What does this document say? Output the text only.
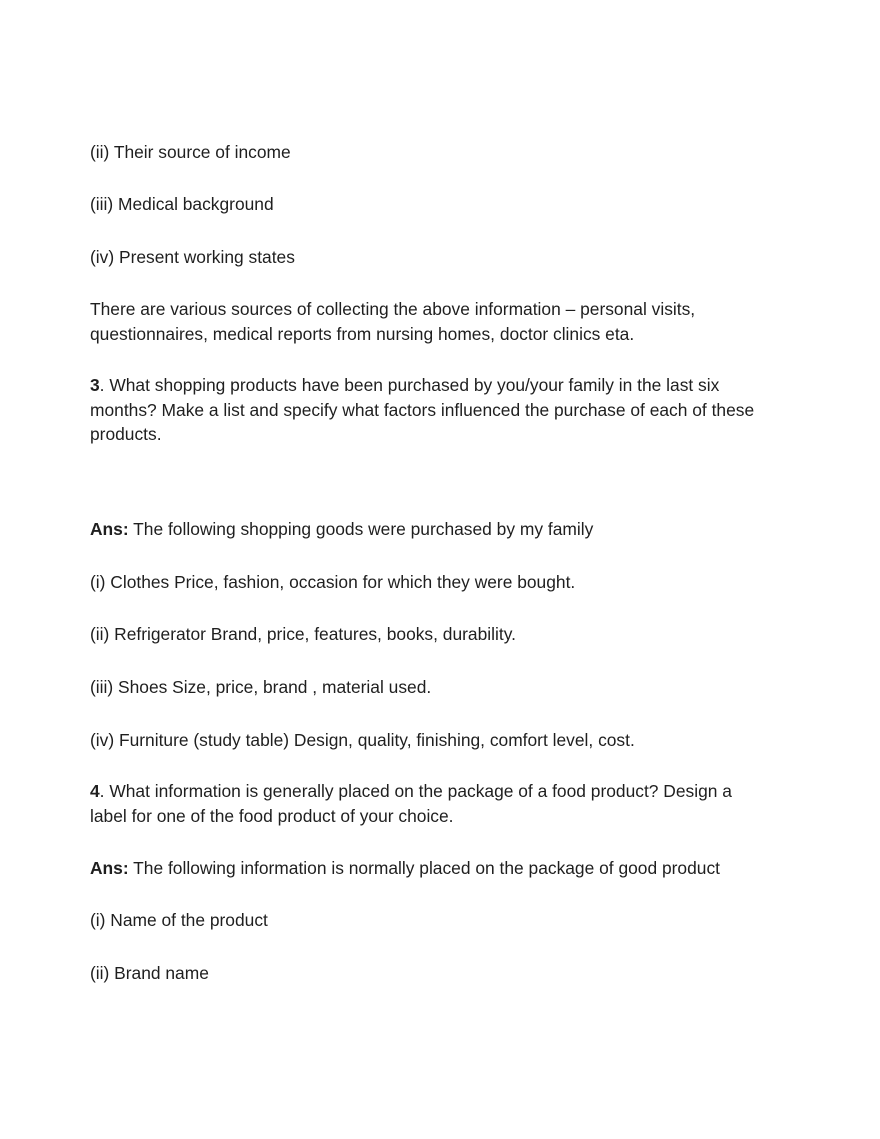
(ii) Their source of income

(iii) Medical background

(iv) Present working states

There are various sources of collecting the above information – personal visits, questionnaires, medical reports from nursing homes, doctor clinics eta.

3. What shopping products have been purchased by you/your family in the last six months? Make a list and specify what factors influenced the purchase of each of these products.

Ans: The following shopping goods were purchased by my family

(i) Clothes Price, fashion, occasion for which they were bought.

(ii) Refrigerator Brand, price, features, books, durability.

(iii) Shoes Size, price, brand , material used.

(iv) Furniture (study table) Design, quality, finishing, comfort level, cost.

4. What information is generally placed on the package of a food product? Design a label for one of the food product of your choice.

Ans: The following information is normally placed on the package of good product

(i) Name of the product

(ii) Brand name
